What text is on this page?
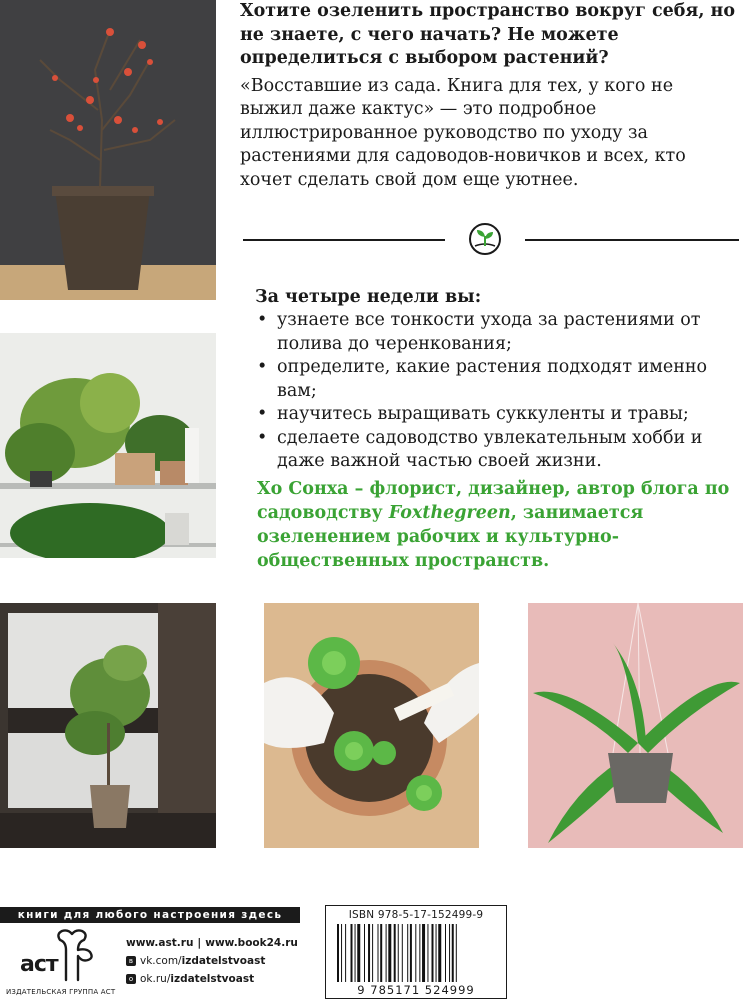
Хотите озеленить пространство вокруг себя, но не знаете, с чего начать? Не можете определиться с выбором растений?

«Восставшие из сада. Книга для тех, у кого не выжил даже кактус» — это подробное иллюстрированное руководство по уходу за растениями для садоводов-новичков и всех, кто хочет сделать свой дом еще уютнее.

За четыре недели вы:
• узнаете все тонкости ухода за растениями от полива до черенкования;
• определите, какие растения подходят именно вам;
• научитесь выращивать суккуленты и травы;
• сделаете садоводство увлекательным хобби и даже важной частью своей жизни.
Хо Сонха – флорист, дизайнер, автор блога по садоводству Foxthegreen, занимается озеленением рабочих и культурно-общественных пространств.
книги для любого настроения здесь
аст
ИЗДАТЕЛЬСКАЯ ГРУППА АСТ
www.ast.ru | www.book24.ru
в vk.com/ izdatelstvoast
о ok.ru/ izdatelstvoast
ISBN 978-5-17-152499-9
9 785171 524999
